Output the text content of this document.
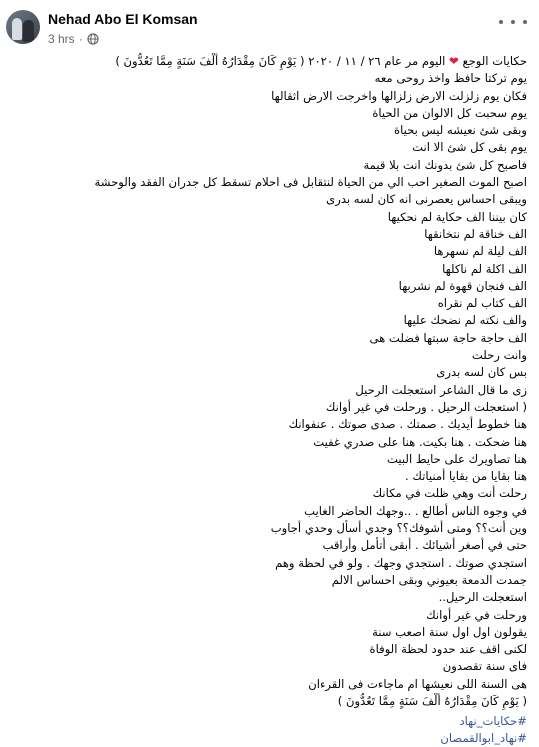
Nehad Abo El Komsan
3 hrs ·
حكايات الوجع ❤ اليوم مر عام ٢٦ / ١١ / ٢٠٢٠ ( يَوْمٍ كَانَ مِقْدَارُهُ أَلْفَ سَنَةٍ مِمَّا تَعُدُّونَ )
يوم تركتا حافظ واخذ روحى معه
فكان يوم زلزلت الارض زلزالها واخرجت الارض اثقالها
يوم سحبت كل الالوان من الحياة
وبقى شئ نعيشه ليس بحياة
يوم بقى كل شئ الا انت
فاصبح كل شئ بدونك انت بلا قيمة
اصبح الموت الصغير احب الي من الحياة لنتقابل فى احلام تسقط كل جدران الفقد والوحشة
ويبقى احساس يعصرنى انه كان لسه بدرى
كان بيننا الف حكاية لم نحكيها
الف خناقة لم نتخانقها
الف ليلة لم نسهرها
الف اكلة لم ناكلها
الف فنجان قهوة لم نشربها
الف كتاب لم نقراه
والف نكته لم نضحك عليها
الف حاجة حاجة سبتها فضلت هى
وانت رحلت
بس كان لسه بدرى
زى ما قال الشاعر استعجلت الرحيل
( استعجلت الرحيل . ورحلت في غير أوانك
هنا خطوط أيديك . صمتك . صدى صوتك . عنفوانك
هنا ضحكت . هنا بكيت. هنا على صدري غفيت
هنا تصاويرك على حايط البيت
هنا بقايا من بقايا أمنياتك .
رحلت أنت وهي ظلت في مكانك
في وجوه الناس أطالع . ..وجهك الحاضر الغايب
وين أنت؟؟ ومتى أشوفك؟؟ وجدي أسأل وحدي أجاوب
حتى في أصغر أشيائك . أبقى أتأمل وأراقب
استجدي صوتك . استجدي وجهك . ولو في لحظة وهم
جمدت الدمعة بعيوني وبقى احساس الالم
استعجلت الرحيل..
ورحلت في غير أوانك
يقولون اول اول سنة اصعب سنة
لكنى اقف عند حدود لحظة الوفاة
فاى سنة تقصدون
هى السنة اللى نعيشها ام ماجاءت فى القرءان
( يَوْمٍ كَانَ مِقْدَارُهُ أَلْفَ سَنَةٍ مِمَّا تَعُدُّونَ )
#حكايات_نهاد
#نهاد_ابوالقمصان
